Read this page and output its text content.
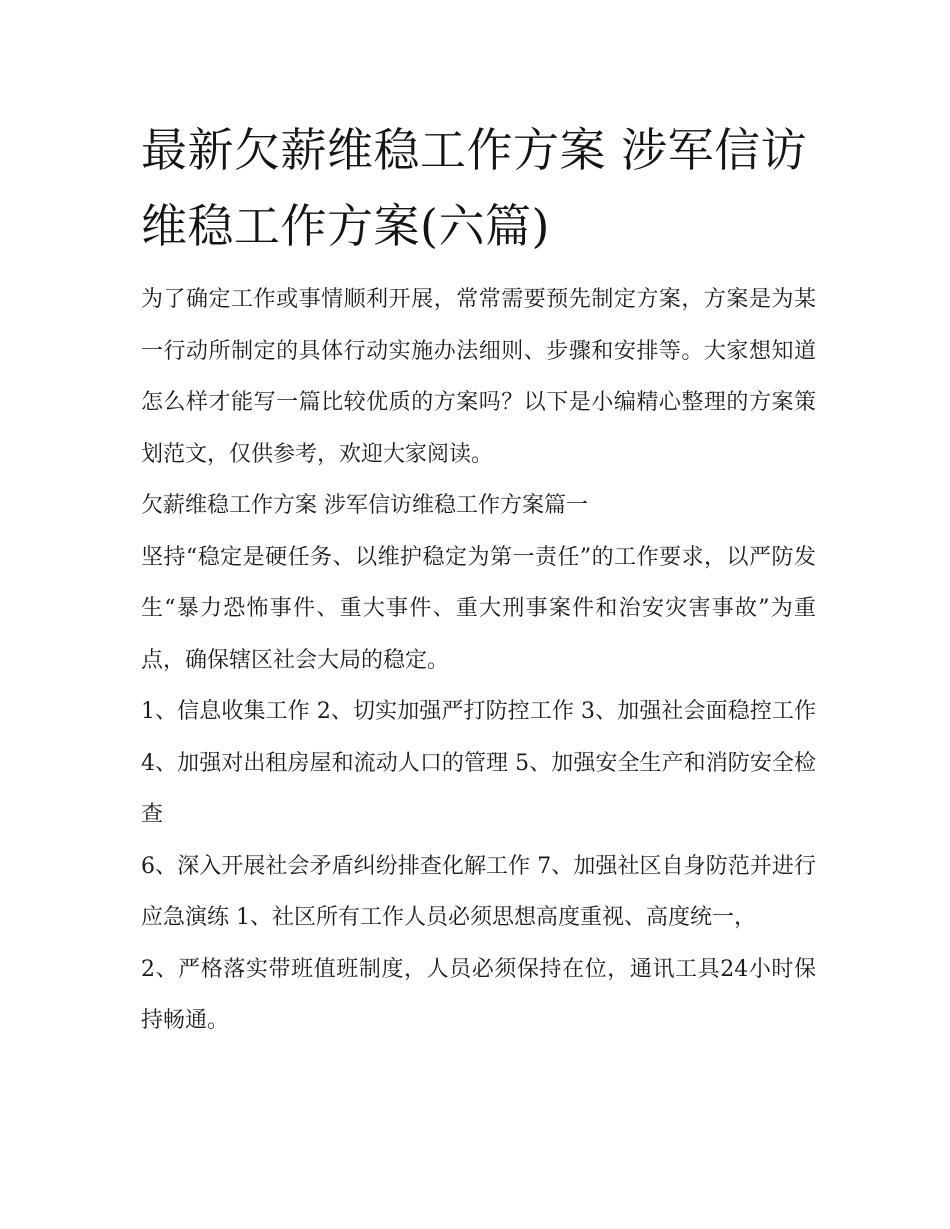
最新欠薪维稳工作方案 涉军信访维稳工作方案(六篇)

为了确定工作或事情顺利开展，常常需要预先制定方案，方案是为某一行动所制定的具体行动实施办法细则、步骤和安排等。大家想知道怎么样才能写一篇比较优质的方案吗？以下是小编精心整理的方案策划范文，仅供参考，欢迎大家阅读。

欠薪维稳工作方案 涉军信访维稳工作方案篇一

坚持“稳定是硬任务、以维护稳定为第一责任”的工作要求，以严防发生“暴力恐怖事件、重大事件、重大刑事案件和治安灾害事故”为重点，确保辖区社会大局的稳定。

1、信息收集工作 2、切实加强严打防控工作 3、加强社会面稳控工作 4、加强对出租房屋和流动人口的管理 5、加强安全生产和消防安全检查

6、深入开展社会矛盾纠纷排查化解工作 7、加强社区自身防范并进行应急演练 1、社区所有工作人员必须思想高度重视、高度统一，

2、严格落实带班值班制度，人员必须保持在位，通讯工具24小时保持畅通。
